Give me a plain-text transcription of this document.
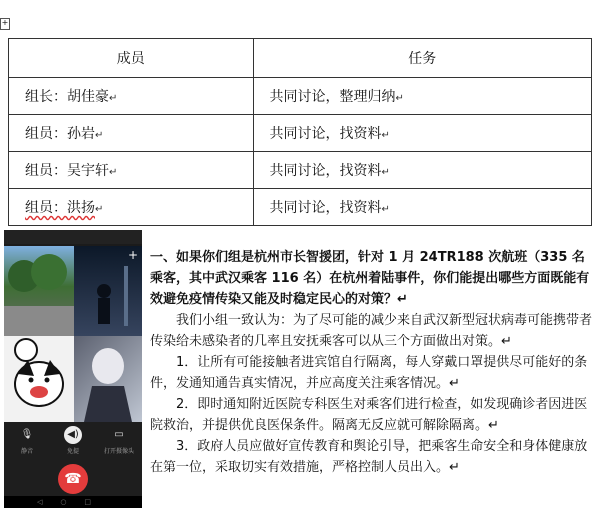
+
成员	任务
组长：胡佳豪↵	共同讨论，整理归纳↵
组员：孙岩↵	共同讨论，找资料↵
组员：吴宇轩↵	共同讨论，找资料↵
组员：洪扬↵	共同讨论，找资料↵
+
🎙
静音
◀)
免提
▭
打开摄像头
☎
◁○□

一、如果你们组是杭州市长智援团，针对 1 月 24TR188 次航班（335 名乘客，其中武汉乘客 116 名）在杭州着陆事件，你们能提出哪些方面既能有效避免疫情传染又能及时稳定民心的对策？↵

我们小组一致认为：为了尽可能的减少来自武汉新型冠状病毒可能携带者传染给未感染者的几率且安抚乘客可以从三个方面做出对策。↵

1．让所有可能接触者进宾馆自行隔离，每人穿戴口罩提供尽可能好的条件，发通知通告真实情况，并应高度关注乘客情况。↵

2．即时通知附近医院专科医生对乘客们进行检查，如发现确诊者因进医院救治，并提供优良医保条件。隔离无反应就可解除隔离。↵

3．政府人员应做好宣传教育和舆论引导，把乘客生命安全和身体健康放在第一位，采取切实有效措施，严格控制人员出入。↵
